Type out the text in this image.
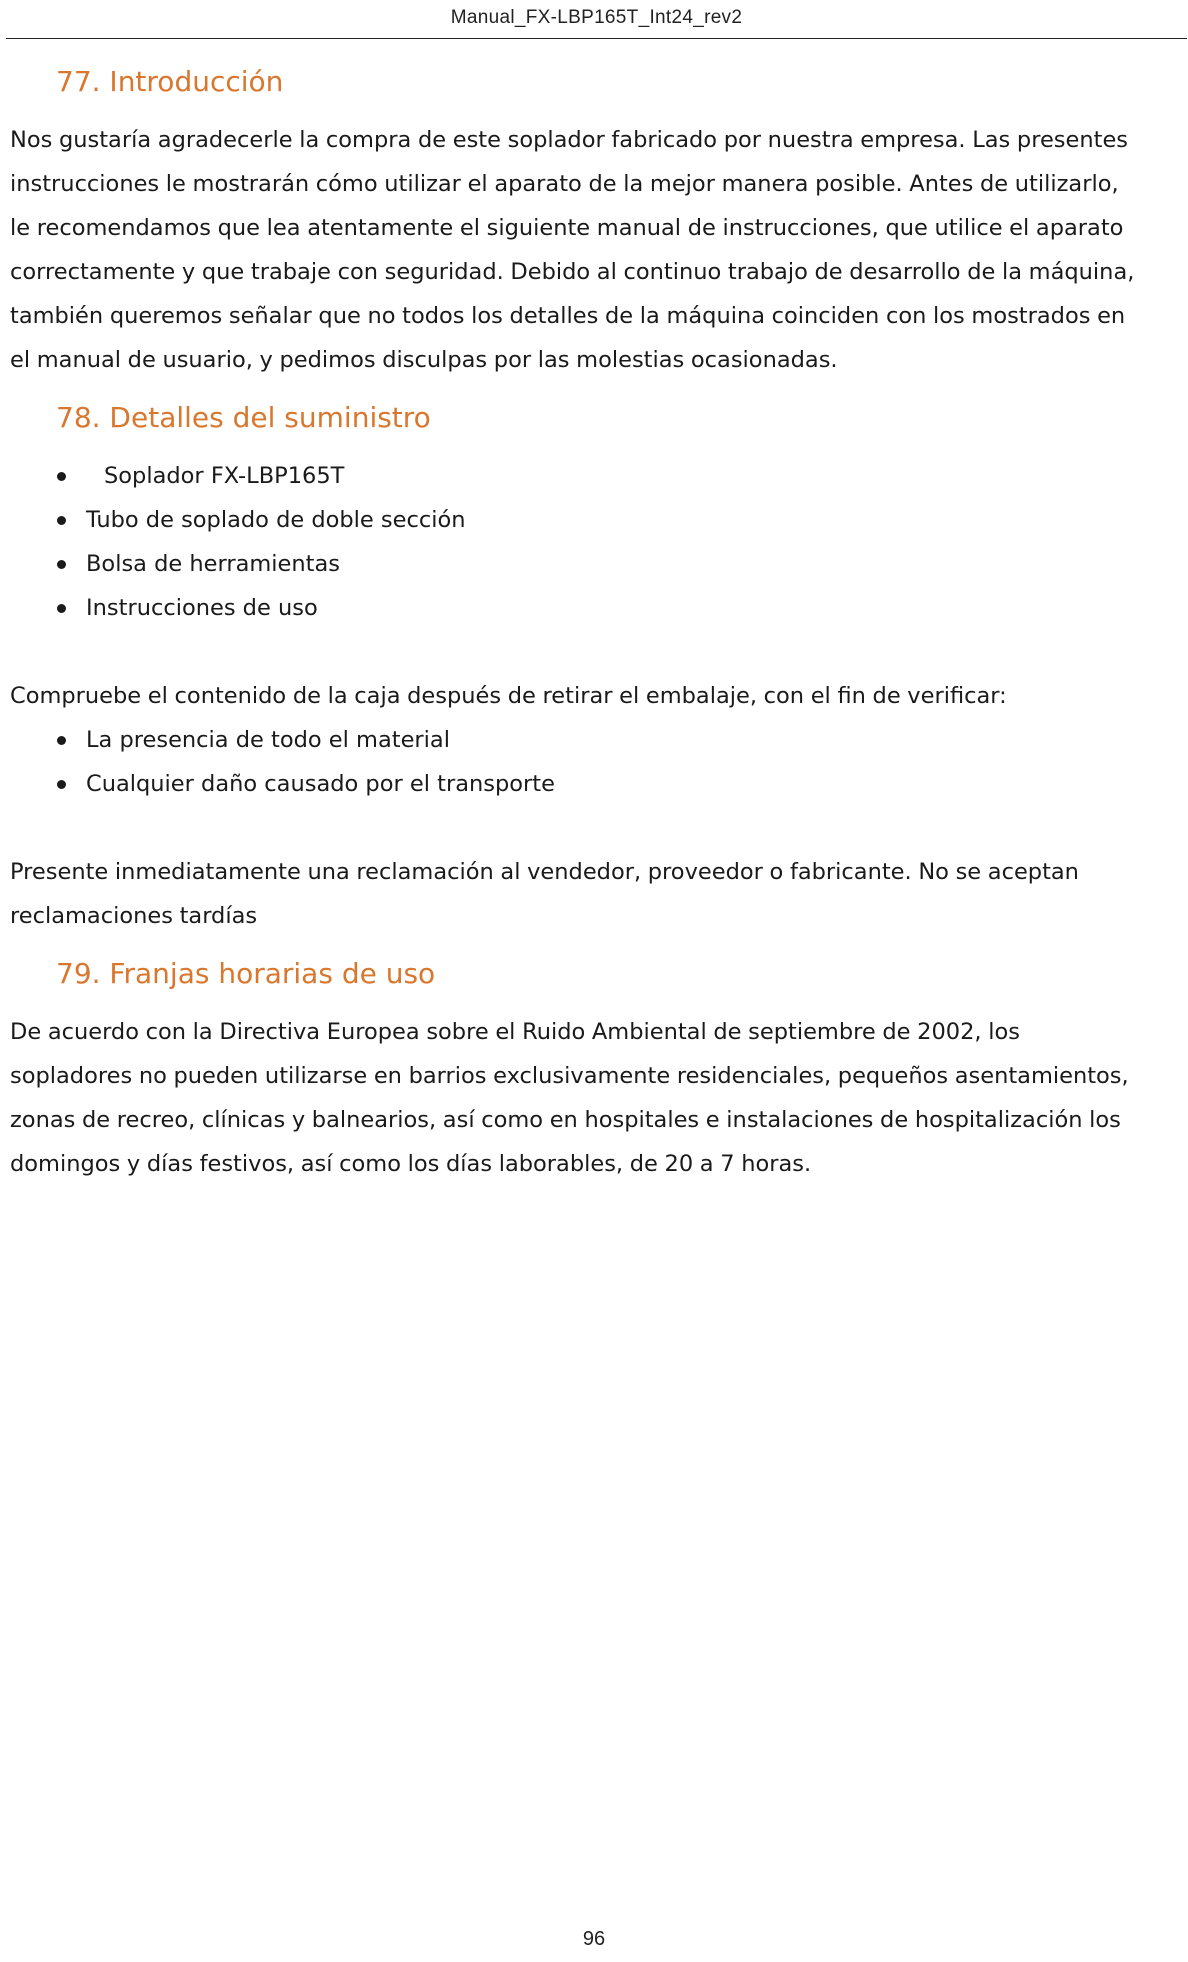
Manual_FX-LBP165T_Int24_rev2
77. Introducción

Nos gustaría agradecerle la compra de este soplador fabricado por nuestra empresa. Las presentes

instrucciones le mostrarán cómo utilizar el aparato de la mejor manera posible. Antes de utilizarlo,

le recomendamos que lea atentamente el siguiente manual de instrucciones, que utilice el aparato

correctamente y que trabaje con seguridad. Debido al continuo trabajo de desarrollo de la máquina,

también queremos señalar que no todos los detalles de la máquina coinciden con los mostrados en

el manual de usuario, y pedimos disculpas por las molestias ocasionadas.

78. Detalles del suministro
Soplador FX-LBP165T
Tubo de soplado de doble sección
Bolsa de herramientas
Instrucciones de uso

Compruebe el contenido de la caja después de retirar el embalaje, con el fin de verificar:

La presencia de todo el material
Cualquier daño causado por el transporte

Presente inmediatamente una reclamación al vendedor, proveedor o fabricante. No se aceptan

reclamaciones tardías

79. Franjas horarias de uso

De acuerdo con la Directiva Europea sobre el Ruido Ambiental de septiembre de 2002, los

sopladores no pueden utilizarse en barrios exclusivamente residenciales, pequeños asentamientos,

zonas de recreo, clínicas y balnearios, así como en hospitales e instalaciones de hospitalización los

domingos y días festivos, así como los días laborables, de 20 a 7 horas.

96
